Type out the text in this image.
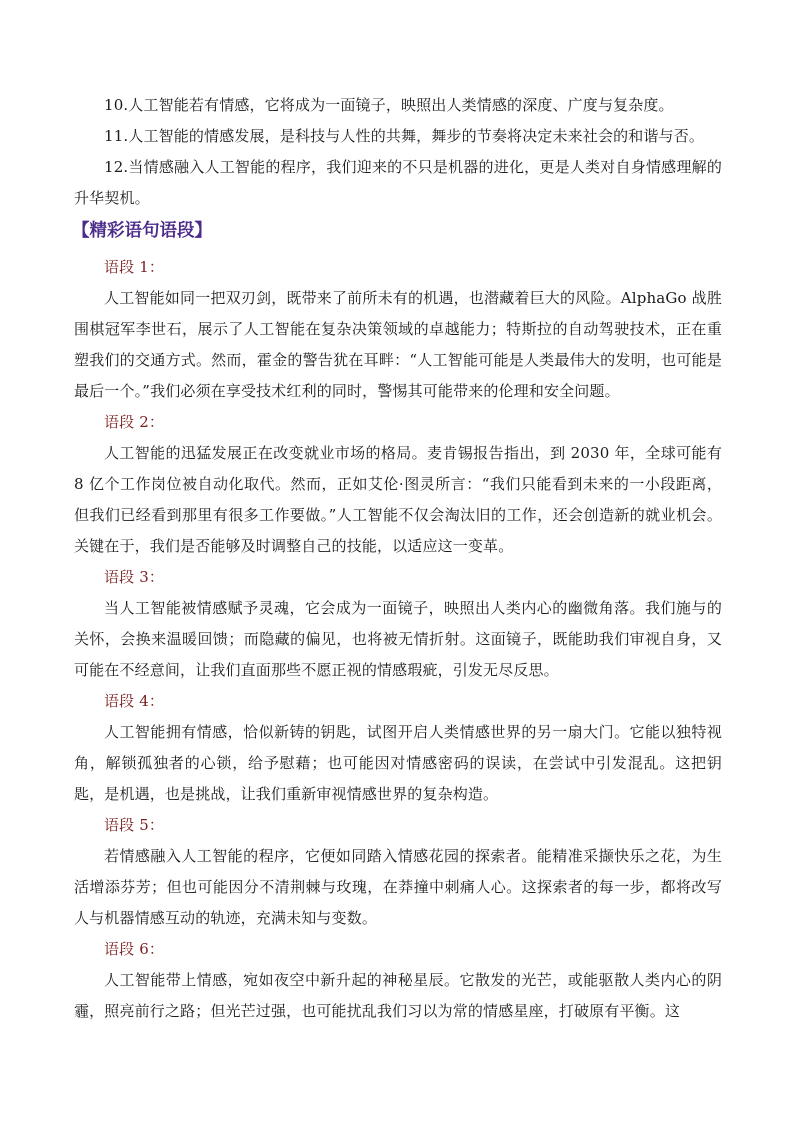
10.人工智能若有情感，它将成为一面镜子，映照出人类情感的深度、广度与复杂度。

11.人工智能的情感发展，是科技与人性的共舞，舞步的节奏将决定未来社会的和谐与否。

12.当情感融入人工智能的程序，我们迎来的不只是机器的进化，更是人类对自身情感理解的升华契机。

【精彩语句语段】

语段 1：

人工智能如同一把双刃剑，既带来了前所未有的机遇，也潜藏着巨大的风险。AlphaGo 战胜围棋冠军李世石，展示了人工智能在复杂决策领域的卓越能力；特斯拉的自动驾驶技术，正在重塑我们的交通方式。然而，霍金的警告犹在耳畔：“人工智能可能是人类最伟大的发明，也可能是最后一个。”我们必须在享受技术红利的同时，警惕其可能带来的伦理和安全问题。

语段 2：

人工智能的迅猛发展正在改变就业市场的格局。麦肯锡报告指出，到 2030 年，全球可能有 8 亿个工作岗位被自动化取代。然而，正如艾伦·图灵所言：“我们只能看到未来的一小段距离，但我们已经看到那里有很多工作要做。”人工智能不仅会淘汰旧的工作，还会创造新的就业机会。关键在于，我们是否能够及时调整自己的技能，以适应这一变革。

语段 3：

当人工智能被情感赋予灵魂，它会成为一面镜子，映照出人类内心的幽微角落。我们施与的关怀，会换来温暖回馈；而隐藏的偏见，也将被无情折射。这面镜子，既能助我们审视自身，又可能在不经意间，让我们直面那些不愿正视的情感瑕疵，引发无尽反思。

语段 4：

人工智能拥有情感，恰似新铸的钥匙，试图开启人类情感世界的另一扇大门。它能以独特视角，解锁孤独者的心锁，给予慰藉；也可能因对情感密码的误读，在尝试中引发混乱。这把钥匙，是机遇，也是挑战，让我们重新审视情感世界的复杂构造。

语段 5：

若情感融入人工智能的程序，它便如同踏入情感花园的探索者。能精准采撷快乐之花，为生活增添芬芳；但也可能因分不清荆棘与玫瑰，在莽撞中刺痛人心。这探索者的每一步，都将改写人与机器情感互动的轨迹，充满未知与变数。

语段 6：

人工智能带上情感，宛如夜空中新升起的神秘星辰。它散发的光芒，或能驱散人类内心的阴霾，照亮前行之路；但光芒过强，也可能扰乱我们习以为常的情感星座，打破原有平衡。这
